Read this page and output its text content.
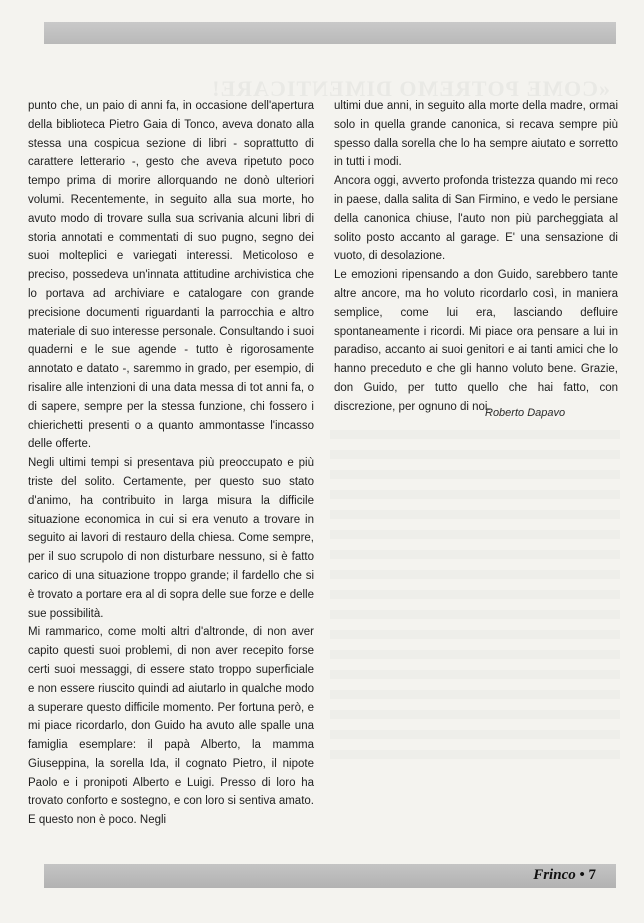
«COME POTREMO DIMENTICARE!

punto che, un paio di anni fa, in occasione dell'apertura della biblioteca Pietro Gaia di Tonco, aveva donato alla stessa una cospicua sezione di libri - soprattutto di carattere letterario -, gesto che aveva ripetuto poco tempo prima di morire allorquando ne donò ulteriori volumi. Recentemente, in seguito alla sua morte, ho avuto modo di trovare sulla sua scrivania alcuni libri di storia annotati e commentati di suo pugno, segno dei suoi molteplici e variegati interessi. Meticoloso e preciso, possedeva un'innata attitudine archivistica che lo portava ad archiviare e catalogare con grande precisione documenti riguardanti la parrocchia e altro materiale di suo interesse personale. Consultando i suoi quaderni e le sue agende - tutto è rigorosamente annotato e datato -, saremmo in grado, per esempio, di risalire alle intenzioni di una data messa di tot anni fa, o di sapere, sempre per la stessa funzione, chi fossero i chierichetti presenti o a quanto ammontasse l'incasso delle offerte.

Negli ultimi tempi si presentava più preoccupato e più triste del solito. Certamente, per questo suo stato d'animo, ha contribuito in larga misura la difficile situazione economica in cui si era venuto a trovare in seguito ai lavori di restauro della chiesa. Come sempre, per il suo scrupolo di non disturbare nessuno, si è fatto carico di una situazione troppo grande; il fardello che si è trovato a portare era al di sopra delle sue forze e delle sue possibilità.

Mi rammarico, come molti altri d'altronde, di non aver capito questi suoi problemi, di non aver recepito forse certi suoi messaggi, di essere stato troppo superficiale e non essere riuscito quindi ad aiutarlo in qualche modo a superare questo difficile momento. Per fortuna però, e mi piace ricordarlo, don Guido ha avuto alle spalle una famiglia esemplare: il papà Alberto, la mamma Giuseppina, la sorella Ida, il cognato Pietro, il nipote Paolo e i pronipoti Alberto e Luigi. Presso di loro ha trovato conforto e sostegno, e con loro si sentiva amato. E questo non è poco. Negli

ultimi due anni, in seguito alla morte della madre, ormai solo in quella grande canonica, si recava sempre più spesso dalla sorella che lo ha sempre aiutato e sorretto in tutti i modi.

Ancora oggi, avverto profonda tristezza quando mi reco in paese, dalla salita di San Firmino, e vedo le persiane della canonica chiuse, l'auto non più parcheggiata al solito posto accanto al garage. E' una sensazione di vuoto, di desolazione.

Le emozioni ripensando a don Guido, sarebbero tante altre ancore, ma ho voluto ricordarlo così, in maniera semplice, come lui era, lasciando defluire spontaneamente i ricordi. Mi piace ora pensare a lui in paradiso, accanto ai suoi genitori e ai tanti amici che lo hanno preceduto e che gli hanno voluto bene. Grazie, don Guido, per tutto quello che hai fatto, con discrezione, per ognuno di noi.

Roberto Dapavo
Frinco • 7
